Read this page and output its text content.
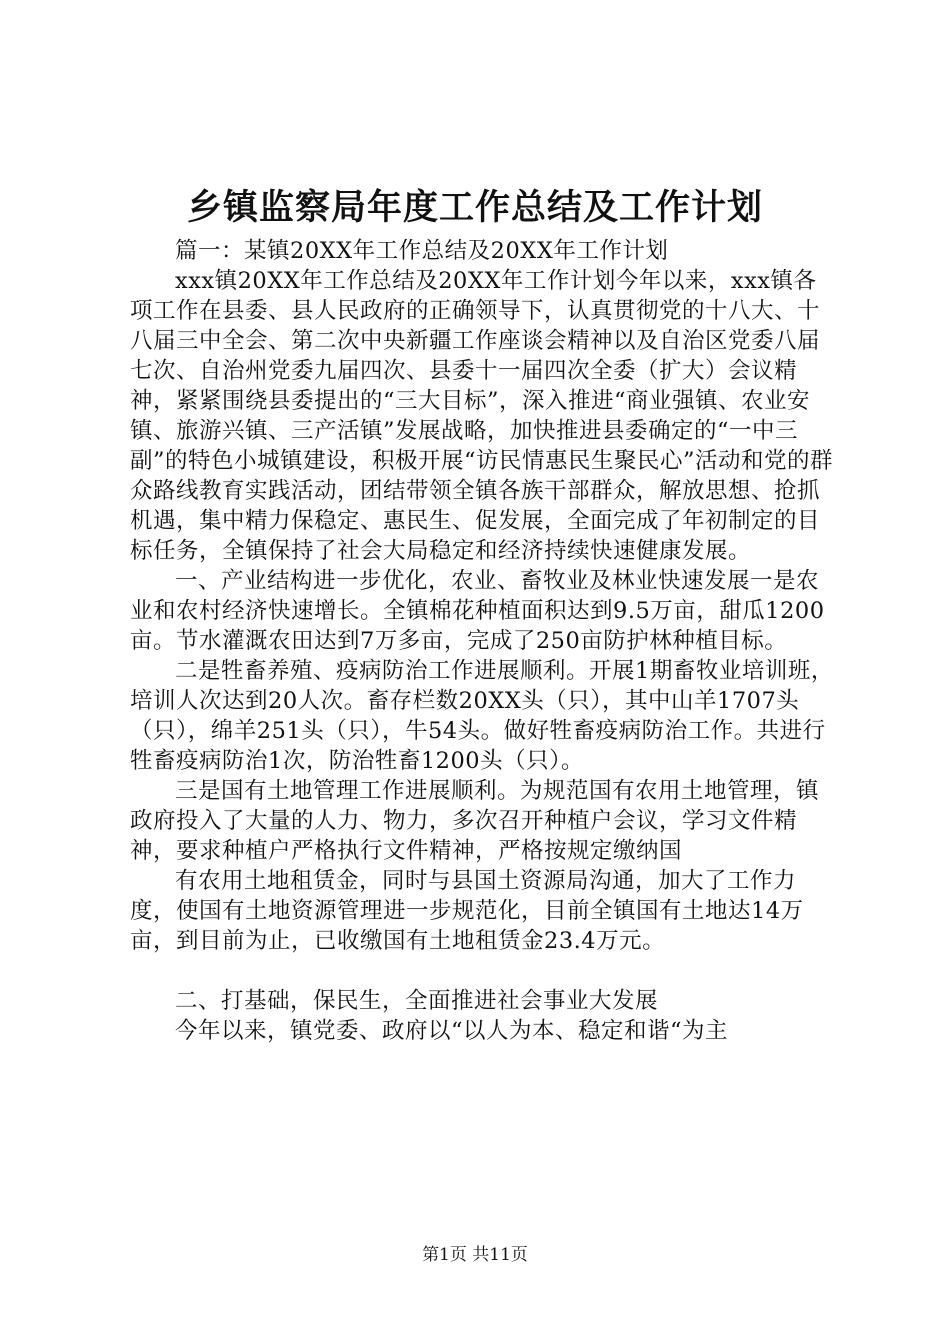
乡镇监察局年度工作总结及工作计划

篇一：某镇20XX年工作总结及20XX年工作计划

xxx镇20XX年工作总结及20XX年工作计划今年以来，xxx镇各项工作在县委、县人民政府的正确领导下，认真贯彻党的十八大、十八届三中全会、第二次中央新疆工作座谈会精神以及自治区党委八届七次、自治州党委九届四次、县委十一届四次全委（扩大）会议精神，紧紧围绕县委提出的“三大目标”，深入推进“商业强镇、农业安镇、旅游兴镇、三产活镇”发展战略，加快推进县委确定的“一中三副”的特色小城镇建设，积极开展“访民情惠民生聚民心”活动和党的群众路线教育实践活动，团结带领全镇各族干部群众，解放思想、抢抓机遇，集中精力保稳定、惠民生、促发展，全面完成了年初制定的目标任务，全镇保持了社会大局稳定和经济持续快速健康发展。

一、产业结构进一步优化，农业、畜牧业及林业快速发展一是农业和农村经济快速增长。全镇棉花种植面积达到9.5万亩，甜瓜1200亩。节水灌溉农田达到7万多亩，完成了250亩防护林种植目标。

二是牲畜养殖、疫病防治工作进展顺利。开展1期畜牧业培训班，培训人次达到20人次。畜存栏数20XX头（只），其中山羊1707头（只），绵羊251头（只），牛54头。做好牲畜疫病防治工作。共进行牲畜疫病防治1次，防治牲畜1200头（只）。

三是国有土地管理工作进展顺利。为规范国有农用土地管理，镇政府投入了大量的人力、物力，多次召开种植户会议，学习文件精神，要求种植户严格执行文件精神，严格按规定缴纳国

有农用土地租赁金，同时与县国土资源局沟通，加大了工作力度，使国有土地资源管理进一步规范化，目前全镇国有土地达14万亩，到目前为止，已收缴国有土地租赁金23.4万元。

二、打基础，保民生，全面推进社会事业大发展

今年以来，镇党委、政府以“以人为本、稳定和谐“为主

第1页 共11页
